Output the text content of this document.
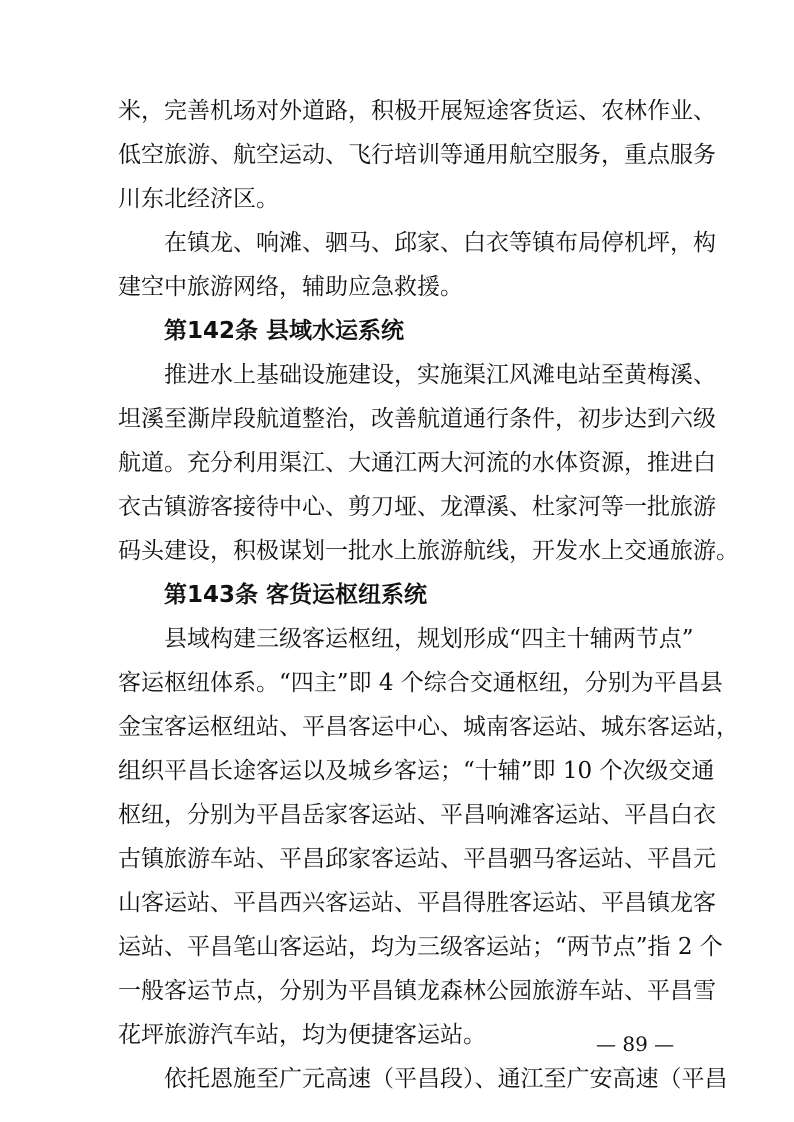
米，完善机场对外道路，积极开展短途客货运、农林作业、
低空旅游、航空运动、飞行培训等通用航空服务，重点服务
川东北经济区。
在镇龙、响滩、驷马、邱家、白衣等镇布局停机坪，构
建空中旅游网络，辅助应急救援。
第142条 县域水运系统
推进水上基础设施建设，实施渠江风滩电站至黄梅溪、
坦溪至澌岸段航道整治，改善航道通行条件，初步达到六级
航道。充分利用渠江、大通江两大河流的水体资源，推进白
衣古镇游客接待中心、剪刀垭、龙潭溪、杜家河等一批旅游
码头建设，积极谋划一批水上旅游航线，开发水上交通旅游。
第143条 客货运枢纽系统
县域构建三级客运枢纽，规划形成“四主十辅两节点”
客运枢纽体系。“四主”即 4 个综合交通枢纽，分别为平昌县
金宝客运枢纽站、平昌客运中心、城南客运站、城东客运站，
组织平昌长途客运以及城乡客运；“十辅”即 10 个次级交通
枢纽，分别为平昌岳家客运站、平昌响滩客运站、平昌白衣
古镇旅游车站、平昌邱家客运站、平昌驷马客运站、平昌元
山客运站、平昌西兴客运站、平昌得胜客运站、平昌镇龙客
运站、平昌笔山客运站，均为三级客运站；“两节点”指 2 个
一般客运节点，分别为平昌镇龙森林公园旅游车站、平昌雪
花坪旅游汽车站，均为便捷客运站。
依托恩施至广元高速（平昌段）、通江至广安高速（平昌
— 89 —
